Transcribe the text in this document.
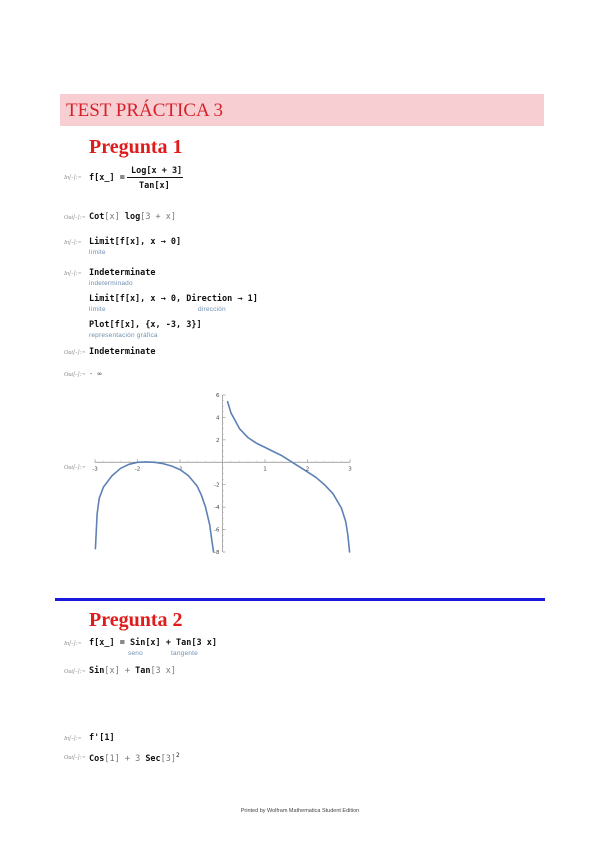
TEST PRÁCTICA 3
Pregunta 1
In[-]:= f[x_] =
Log[x + 3]
Tan[x]
Out[-]:= Cot[x] log[3 + x]
In[-]:= Limit[f[x], x → 0]
límite
In[-]:= Indeterminate
indeterminado
Limit[f[x], x → 0, Direction → 1]
límite	dirección
Plot[f[x], {x, -3, 3}]
representación gráfica
Out[-]:= Indeterminate
Out[-]:= - ∞
Out[-]:= -3	-2	-1	1	2	3
6
4
2
-2
-4
-6
-8
Pregunta 2
In[-]:= f[x_] = Sin[x] + Tan[3 x]
seno	tangente
Out[-]:= Sin[x] + Tan[3 x]
In[-]:= f'[1]
Out[-]:= Cos[1] + 3 $Sec[3]^2$
Printed by Wolfram Mathematica Student Edition
